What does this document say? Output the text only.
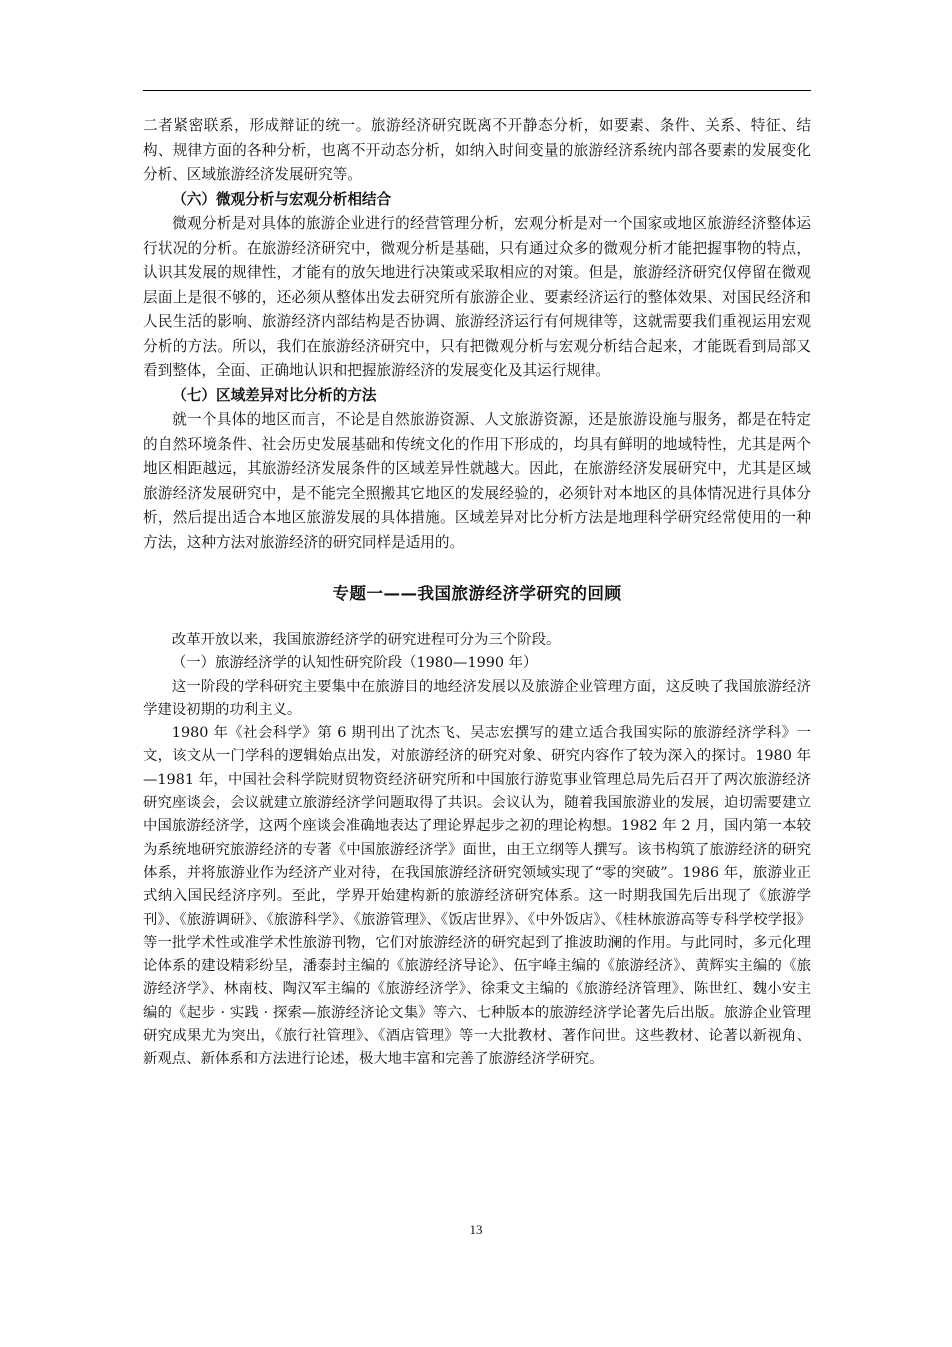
二者紧密联系，形成辩证的统一。旅游经济研究既离不开静态分析，如要素、条件、关系、特征、结构、规律方面的各种分析，也离不开动态分析，如纳入时间变量的旅游经济系统内部各要素的发展变化分析、区域旅游经济发展研究等。

（六）微观分析与宏观分析相结合

微观分析是对具体的旅游企业进行的经营管理分析，宏观分析是对一个国家或地区旅游经济整体运行状况的分析。在旅游经济研究中，微观分析是基础，只有通过众多的微观分析才能把握事物的特点，认识其发展的规律性，才能有的放矢地进行决策或采取相应的对策。但是，旅游经济研究仅停留在微观层面上是很不够的，还必须从整体出发去研究所有旅游企业、要素经济运行的整体效果、对国民经济和人民生活的影响、旅游经济内部结构是否协调、旅游经济运行有何规律等，这就需要我们重视运用宏观分析的方法。所以，我们在旅游经济研究中，只有把微观分析与宏观分析结合起来，才能既看到局部又看到整体，全面、正确地认识和把握旅游经济的发展变化及其运行规律。

（七）区域差异对比分析的方法

就一个具体的地区而言，不论是自然旅游资源、人文旅游资源，还是旅游设施与服务，都是在特定的自然环境条件、社会历史发展基础和传统文化的作用下形成的，均具有鲜明的地域特性，尤其是两个地区相距越远，其旅游经济发展条件的区域差异性就越大。因此，在旅游经济发展研究中，尤其是区域旅游经济发展研究中，是不能完全照搬其它地区的发展经验的，必须针对本地区的具体情况进行具体分析，然后提出适合本地区旅游发展的具体措施。区域差异对比分析方法是地理科学研究经常使用的一种方法，这种方法对旅游经济的研究同样是适用的。

专题一——我国旅游经济学研究的回顾

改革开放以来，我国旅游经济学的研究进程可分为三个阶段。

（一）旅游经济学的认知性研究阶段（1980—1990 年）

这一阶段的学科研究主要集中在旅游目的地经济发展以及旅游企业管理方面，这反映了我国旅游经济学建设初期的功利主义。

1980 年《社会科学》第 6 期刊出了沈杰飞、吴志宏撰写的建立适合我国实际的旅游经济学科》一文，该文从一门学科的逻辑始点出发，对旅游经济的研究对象、研究内容作了较为深入的探讨。1980 年—1981 年，中国社会科学院财贸物资经济研究所和中国旅行游览事业管理总局先后召开了两次旅游经济研究座谈会，会议就建立旅游经济学问题取得了共识。会议认为，随着我国旅游业的发展，迫切需要建立中国旅游经济学，这两个座谈会准确地表达了理论界起步之初的理论构想。1982 年 2 月，国内第一本较为系统地研究旅游经济的专著《中国旅游经济学》面世，由王立纲等人撰写。该书构筑了旅游经济的研究体系，并将旅游业作为经济产业对待，在我国旅游经济研究领域实现了“零的突破”。1986 年，旅游业正式纳入国民经济序列。至此，学界开始建构新的旅游经济研究体系。这一时期我国先后出现了《旅游学刊》、《旅游调研》、《旅游科学》、《旅游管理》、《饭店世界》、《中外饭店》、《桂林旅游高等专科学校学报》等一批学术性或准学术性旅游刊物，它们对旅游经济的研究起到了推波助澜的作用。与此同时，多元化理论体系的建设精彩纷呈，潘泰封主编的《旅游经济导论》、伍宇峰主编的《旅游经济》、黄辉实主编的《旅游经济学》、林南枝、陶汉军主编的《旅游经济学》、徐秉文主编的《旅游经济管理》、陈世红、魏小安主编的《起步 · 实践 · 探索—旅游经济论文集》等六、七种版本的旅游经济学论著先后出版。旅游企业管理研究成果尤为突出，《旅行社管理》、《酒店管理》等一大批教材、著作问世。这些教材、论著以新视角、新观点、新体系和方法进行论述，极大地丰富和完善了旅游经济学研究。

13
